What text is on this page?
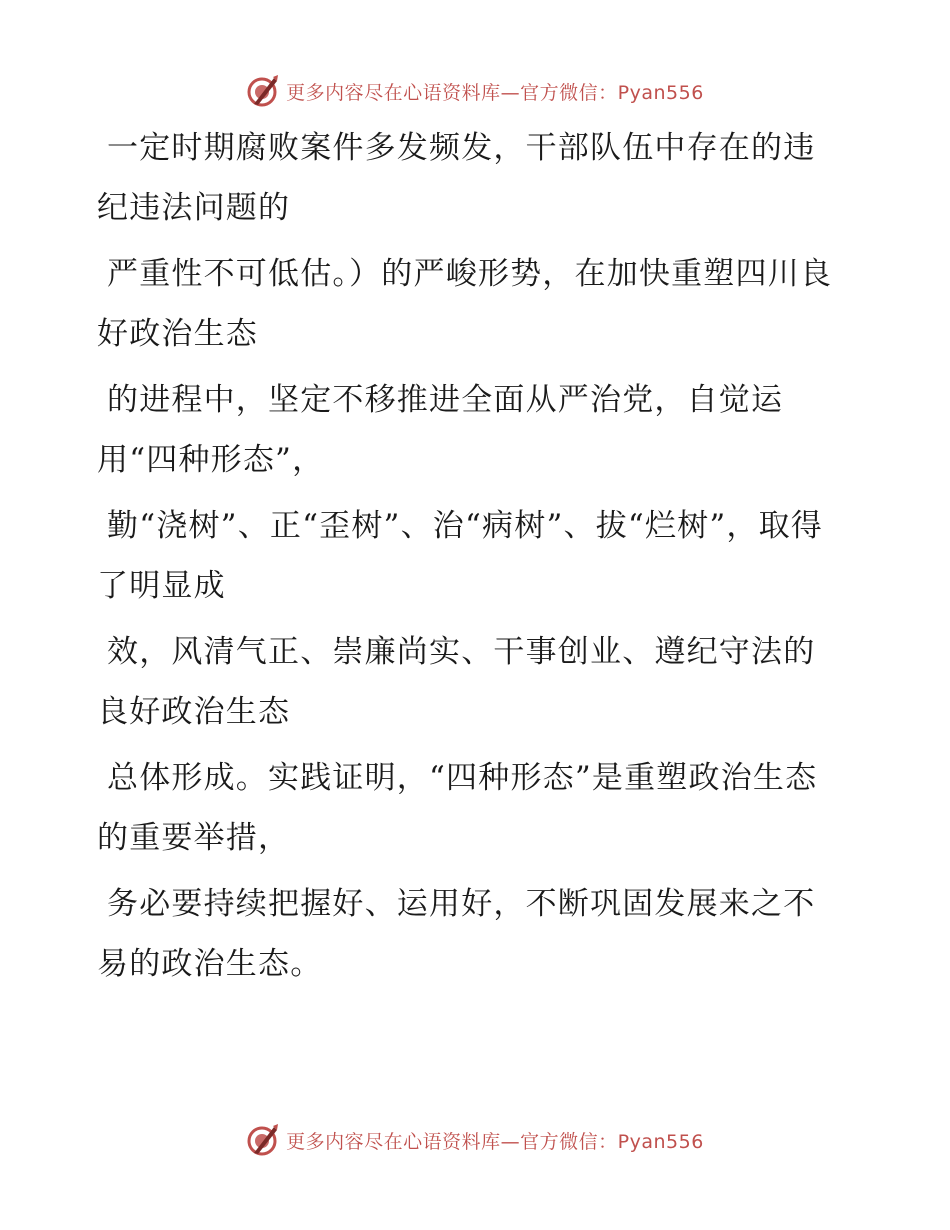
更多内容尽在心语资料库—官方微信：Pyan556

一定时期腐败案件多发频发，干部队伍中存在的违纪违法问题的

严重性不可低估。）的严峻形势，在加快重塑四川良好政治生态

的进程中，坚定不移推进全面从严治党，自觉运用“四种形态”，

勤“浇树”、正“歪树”、治“病树”、拔“烂树”，取得了明显成

效，风清气正、崇廉尚实、干事创业、遵纪守法的良好政治生态

总体形成。实践证明，“四种形态”是重塑政治生态的重要举措，

务必要持续把握好、运用好，不断巩固发展来之不易的政治生态。

更多内容尽在心语资料库—官方微信：Pyan556
